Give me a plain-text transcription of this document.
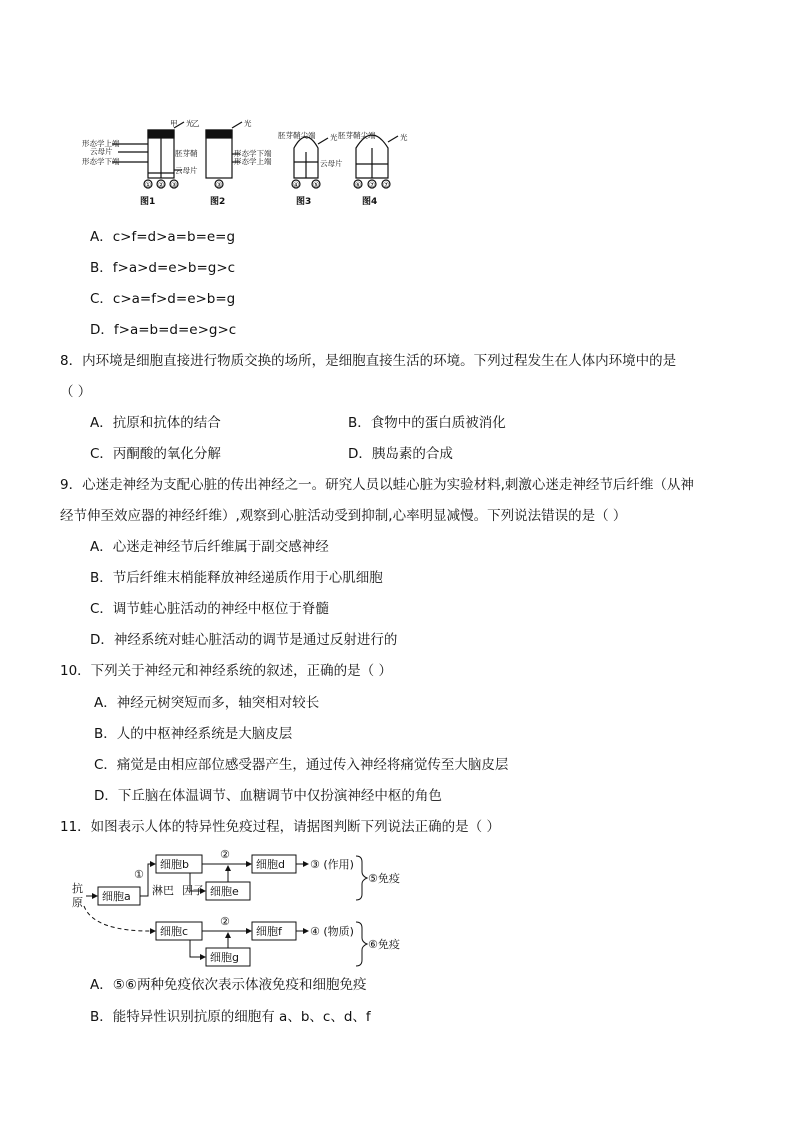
甲 乙
光	光
形态学上端
云母片
形态学下端
胚芽鞘
云母片
形态学下端
形态学上端
胚芽鞘尖端 光
云母片
胚芽鞘尖端	光
① ② ③	③	④ ⑤	⑥ ⑦ ⑦
图1	图2	图3	图4
A．c>f=d>a=b=e=g
B．f>a>d=e>b=g>c
C．c>a=f>d=e>b=g
D．f>a=b=d=e>g>c
8．内环境是细胞直接进行物质交换的场所，是细胞直接生活的环境。下列过程发生在人体内环境中的是
（ ）
A．抗原和抗体的结合	B．食物中的蛋白质被消化
C．丙酮酸的氧化分解	D．胰岛素的合成
9．心迷走神经为支配心脏的传出神经之一。研究人员以蛙心脏为实验材料,刺激心迷走神经节后纤维（从神
经节伸至效应器的神经纤维）,观察到心脏活动受到抑制,心率明显减慢。下列说法错误的是（ ）
A．心迷走神经节后纤维属于副交感神经
B．节后纤维末梢能释放神经递质作用于心肌细胞
C．调节蛙心脏活动的神经中枢位于脊髓
D．神经系统对蛙心脏活动的调节是通过反射进行的
10．下列关于神经元和神经系统的叙述，正确的是（ ）
A．神经元树突短而多，轴突相对较长
B．人的中枢神经系统是大脑皮层
C．痛觉是由相应部位感受器产生，通过传入神经将痛觉传至大脑皮层
D．下丘脑在体温调节、血糖调节中仅扮演神经中枢的角色
11．如图表示人体的特异性免疫过程，请据图判断下列说法正确的是（ ）
抗
原 细胞a
细胞b	细胞d
细胞e
细胞c	细胞f
细胞g
淋巴 因子
①
②
②
③ (作用)
④ (物质)
⑤免疫
⑥免疫
A．⑤⑥两种免疫依次表示体液免疫和细胞免疫
B．能特异性识别抗原的细胞有 a、b、c、d、f
